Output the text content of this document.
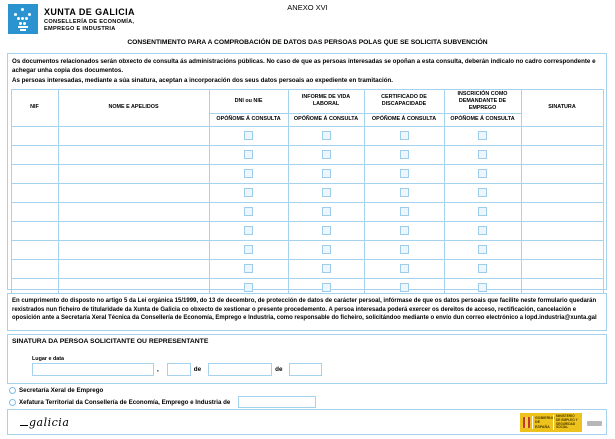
XUNTA DE GALICIA
CONSELLERÍA DE ECONOMÍA,
EMPREGO E INDUSTRIA
ANEXO XVI
CONSENTIMENTO PARA A COMPROBACIÓN DE DATOS DAS PERSOAS POLAS QUE SE SOLICITA SUBVENCIÓN

Os documentos relacionados serán obxecto de consulta ás administracións públicas. No caso de que as persoas interesadas se opoñan a esta consulta, deberán indicalo no cadro correspondente e achegar unha copia dos documentos.

As persoas interesadas, mediante a súa sinatura, aceptan a incorporación dos seus datos persoais ao expediente en tramitación.

NIF	NOME E APELIDOS	DNI ou NIE	INFORME DE VIDA LABORAL	CERTIFICADO DE DISCAPACIDADE	INSCRICIÓN COMO DEMANDANTE DE EMPREGO	SINATURA
		OPÓÑOME Á CONSULTA	OPÓÑOME Á CONSULTA	OPÓÑOME Á CONSULTA	OPÓÑOME Á CONSULTA	

En cumprimento do disposto no artigo 5 da Lei orgánica 15/1999, do 13 de decembro, de protección de datos de carácter persoal, infórmase de que os datos persoais que facilite neste formulario quedarán rexistrados nun ficheiro de titularidade da Xunta de Galicia co obxecto de xestionar o presente procedemento. A persoa interesada poderá exercer os dereitos de acceso, rectificación, cancelación e oposición ante a Secretaría Xeral Técnica da Consellería de Economía, Emprego e Industria, como responsable do ficheiro, solicitándoo mediante o envío dun correo electrónico a lopd.industria@xunta.gal
SINATURA DA PERSOA SOLICITANTE OU REPRESENTANTE
Lugar e data
,	de	de
Secretaría Xeral de Emprego
Xefatura Territorial da Consellería de Economía, Emprego e Industria de
galicia	GOBIERNO DE ESPAÑA
MINISTERIO DE EMPLEO Y SEGURIDAD SOCIAL
